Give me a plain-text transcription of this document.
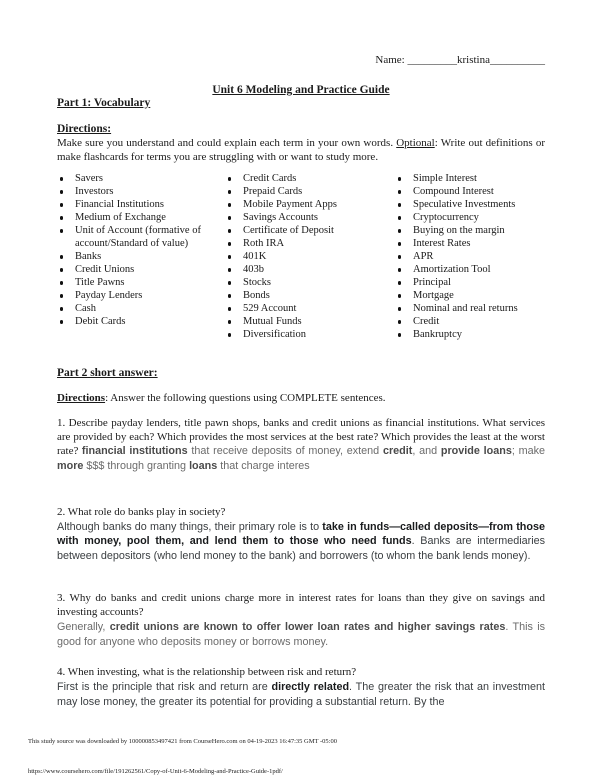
Name: _________kristina__________
Unit 6 Modeling and Practice Guide
Part 1: Vocabulary
Directions:
Make sure you understand and could explain each term in your own words. Optional: Write out definitions or make flashcards for terms you are struggling with or want to study more.
Savers
Investors
Financial Institutions
Medium of Exchange
Unit of Account (formative of account/Standard of value)
Banks
Credit Unions
Title Pawns
Payday Lenders
Cash
Debit Cards
Credit Cards
Prepaid Cards
Mobile Payment Apps
Savings Accounts
Certificate of Deposit
Roth IRA
401K
403b
Stocks
Bonds
529 Account
Mutual Funds
Diversification
Simple Interest
Compound Interest
Speculative Investments
Cryptocurrency
Buying on the margin
Interest Rates
APR
Amortization Tool
Principal
Mortgage
Nominal and real returns
Credit
Bankruptcy
Part 2 short answer:
Directions: Answer the following questions using COMPLETE sentences.
1. Describe payday lenders, title pawn shops, banks and credit unions as financial institutions. What services are provided by each? Which provides the most services at the best rate? Which provides the least at the worst rate? financial institutions that receive deposits of money, extend credit, and provide loans; make more $$$ through granting loans that charge interes
2. What role do banks play in society?
Although banks do many things, their primary role is to take in funds—called deposits—from those with money, pool them, and lend them to those who need funds. Banks are intermediaries between depositors (who lend money to the bank) and borrowers (to whom the bank lends money).
3. Why do banks and credit unions charge more in interest rates for loans than they give on savings and investing accounts?
Generally, credit unions are known to offer lower loan rates and higher savings rates. This is good for anyone who deposits money or borrows money.
4. When investing, what is the relationship between risk and return?
First is the principle that risk and return are directly related. The greater the risk that an investment may lose money, the greater its potential for providing a substantial return. By the
This study source was downloaded by 100000853497421 from CourseHero.com on 04-19-2023 16:47:35 GMT -05:00
https://www.coursehero.com/file/191262561/Copy-of-Unit-6-Modeling-and-Practice-Guide-1pdf/
